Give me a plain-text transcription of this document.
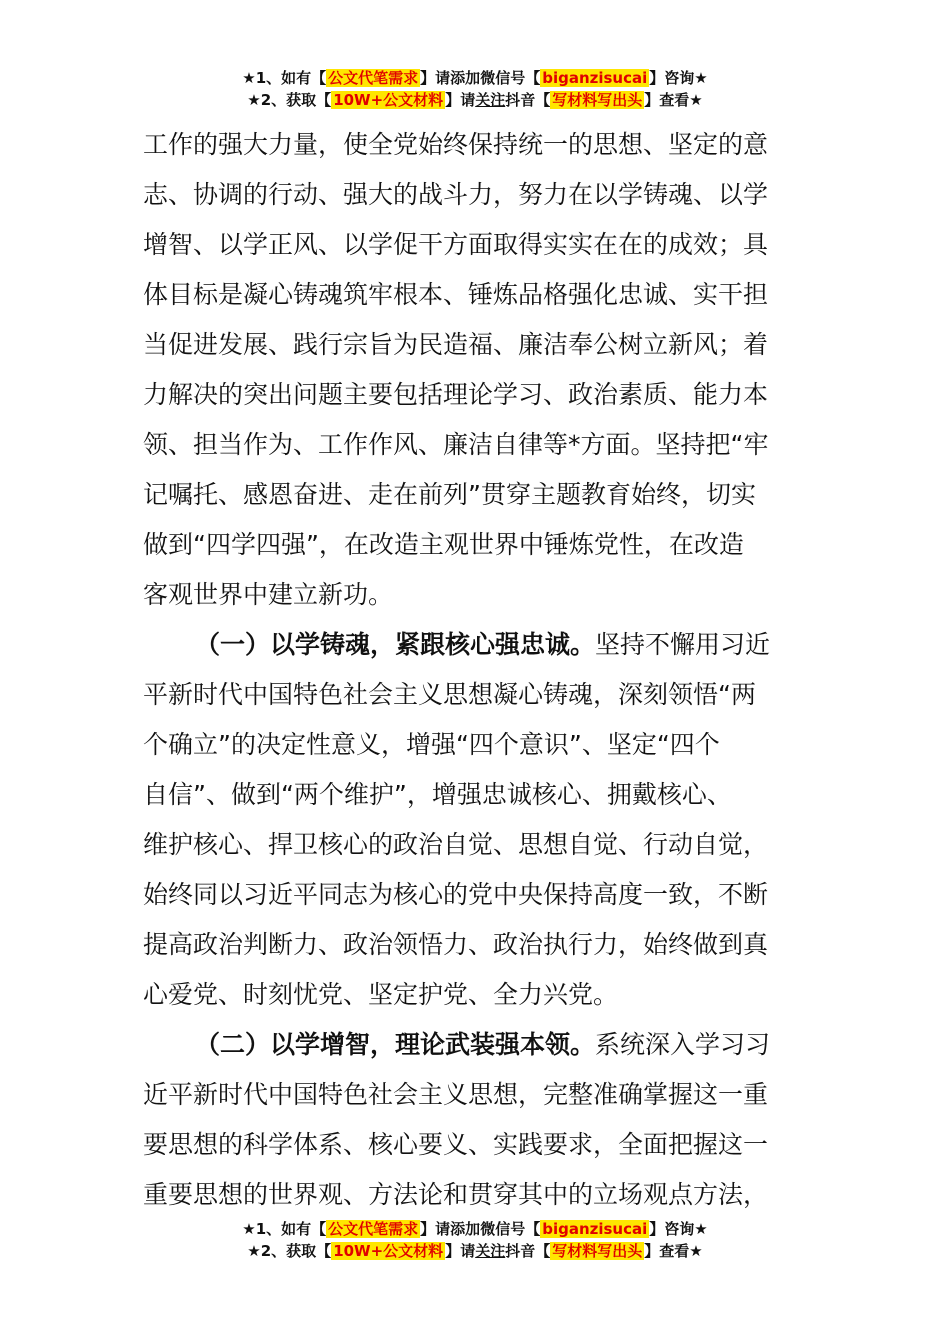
★1、如有【 公文代笔需求 】请添加微信号【 biganzisucai 】咨询★
★2、获取【 10W+公文材料 】请关注抖音【 写材料写出头 】查看★
工作的强大力量，使全党始终保持统一的思想、坚定的意
志、协调的行动、强大的战斗力，努力在以学铸魂、以学
增智、以学正风、以学促干方面取得实实在在的成效；具
体目标是凝心铸魂筑牢根本、锤炼品格强化忠诚、实干担
当促进发展、践行宗旨为民造福、廉洁奉公树立新风；着
力解决的突出问题主要包括理论学习、政治素质、能力本
领、担当作为、工作作风、廉洁自律等*方面。坚持把“牢
记嘱托、感恩奋进、走在前列”贯穿主题教育始终，切实
做到“四学四强”，在改造主观世界中锤炼党性，在改造
客观世界中建立新功。
（一）以学铸魂，紧跟核心强忠诚。坚持不懈用习近
平新时代中国特色社会主义思想凝心铸魂，深刻领悟“两
个确立”的决定性意义，增强“四个意识”、坚定“四个
自信”、做到“两个维护”，增强忠诚核心、拥戴核心、
维护核心、捍卫核心的政治自觉、思想自觉、行动自觉，
始终同以习近平同志为核心的党中央保持高度一致，不断
提高政治判断力、政治领悟力、政治执行力，始终做到真
心爱党、时刻忧党、坚定护党、全力兴党。
（二）以学增智，理论武装强本领。系统深入学习习
近平新时代中国特色社会主义思想，完整准确掌握这一重
要思想的科学体系、核心要义、实践要求，全面把握这一
重要思想的世界观、方法论和贯穿其中的立场观点方法，
★1、如有【 公文代笔需求 】请添加微信号【 biganzisucai 】咨询★
★2、获取【 10W+公文材料 】请关注抖音【 写材料写出头 】查看★
